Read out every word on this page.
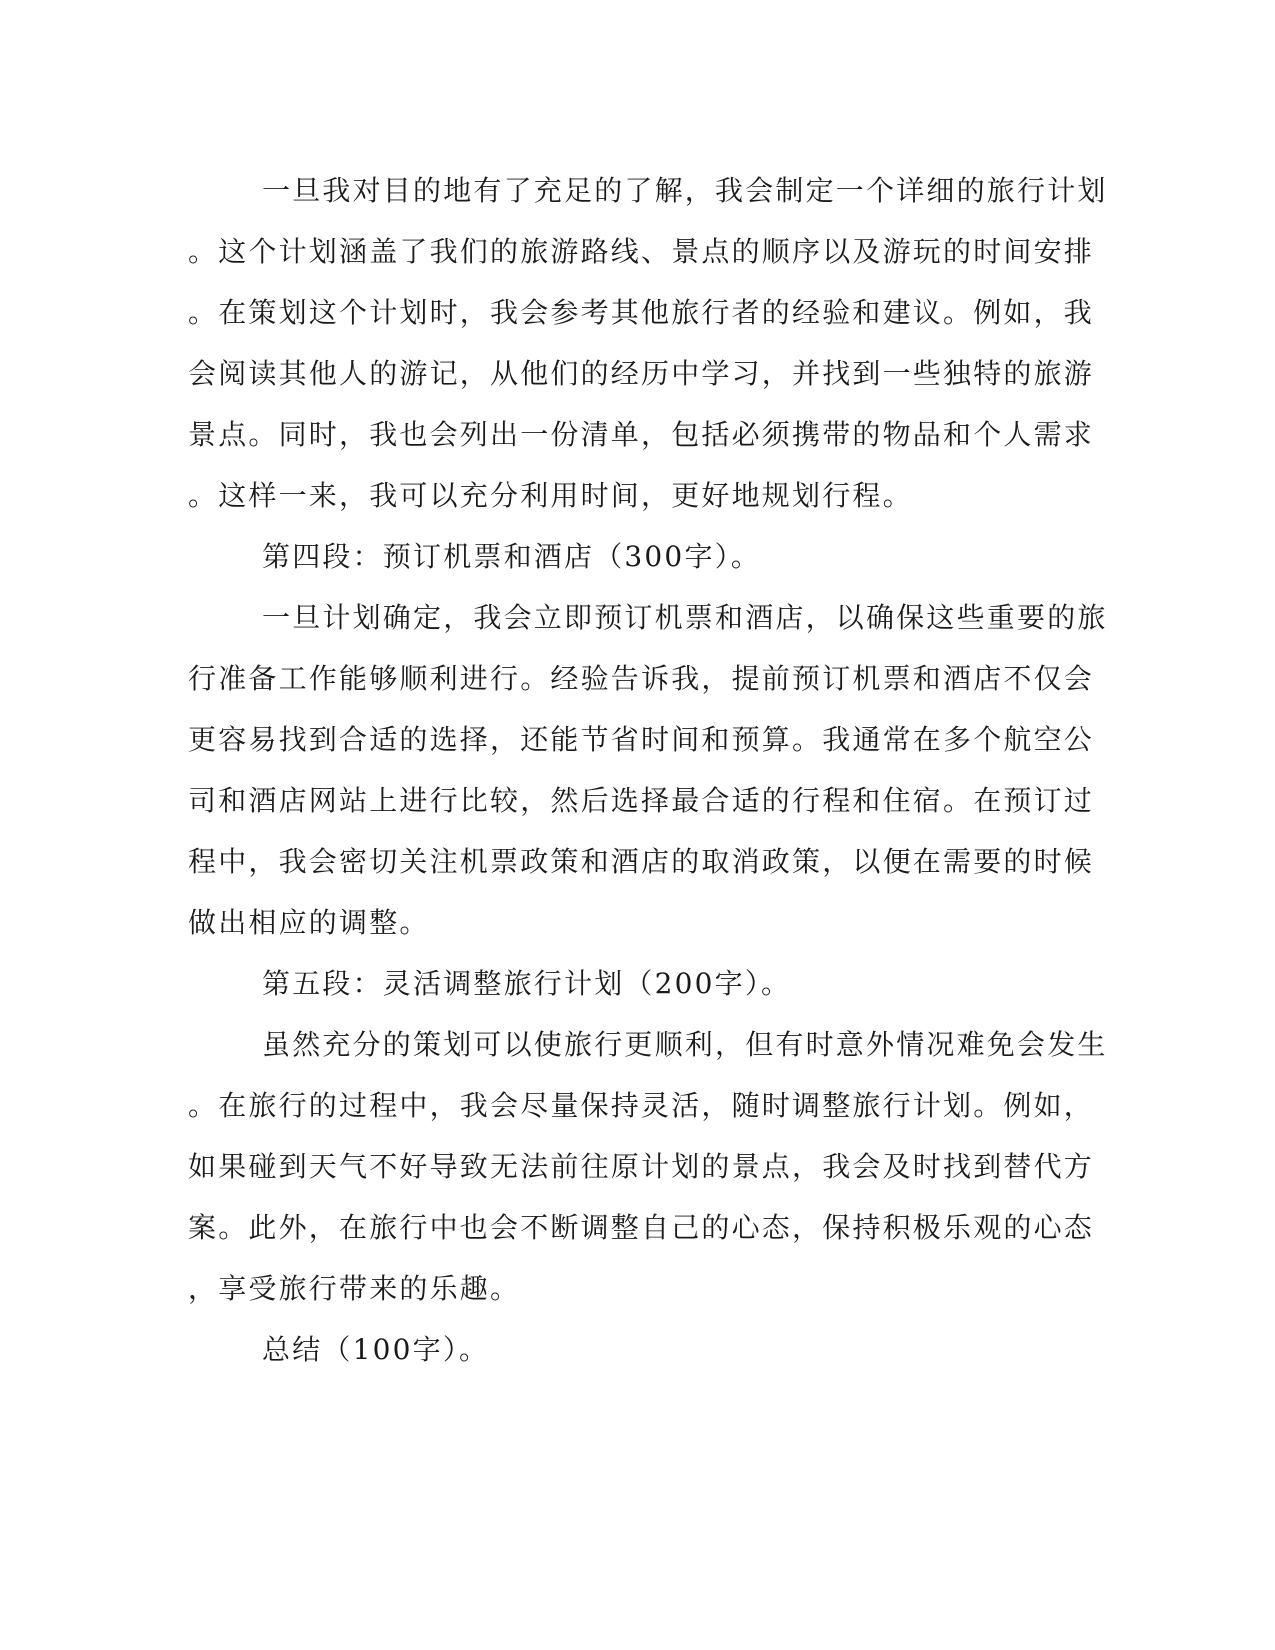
一旦我对目的地有了充足的了解，我会制定一个详细的旅行计划
。这个计划涵盖了我们的旅游路线、景点的顺序以及游玩的时间安排
。在策划这个计划时，我会参考其他旅行者的经验和建议。例如，我
会阅读其他人的游记，从他们的经历中学习，并找到一些独特的旅游
景点。同时，我也会列出一份清单，包括必须携带的物品和个人需求
。这样一来，我可以充分利用时间，更好地规划行程。
第四段：预订机票和酒店（300字）。
一旦计划确定，我会立即预订机票和酒店，以确保这些重要的旅
行准备工作能够顺利进行。经验告诉我，提前预订机票和酒店不仅会
更容易找到合适的选择，还能节省时间和预算。我通常在多个航空公
司和酒店网站上进行比较，然后选择最合适的行程和住宿。在预订过
程中，我会密切关注机票政策和酒店的取消政策，以便在需要的时候
做出相应的调整。
第五段：灵活调整旅行计划（200字）。
虽然充分的策划可以使旅行更顺利，但有时意外情况难免会发生
。在旅行的过程中，我会尽量保持灵活，随时调整旅行计划。例如，
如果碰到天气不好导致无法前往原计划的景点，我会及时找到替代方
案。此外，在旅行中也会不断调整自己的心态，保持积极乐观的心态
，享受旅行带来的乐趣。
总结（100字）。
